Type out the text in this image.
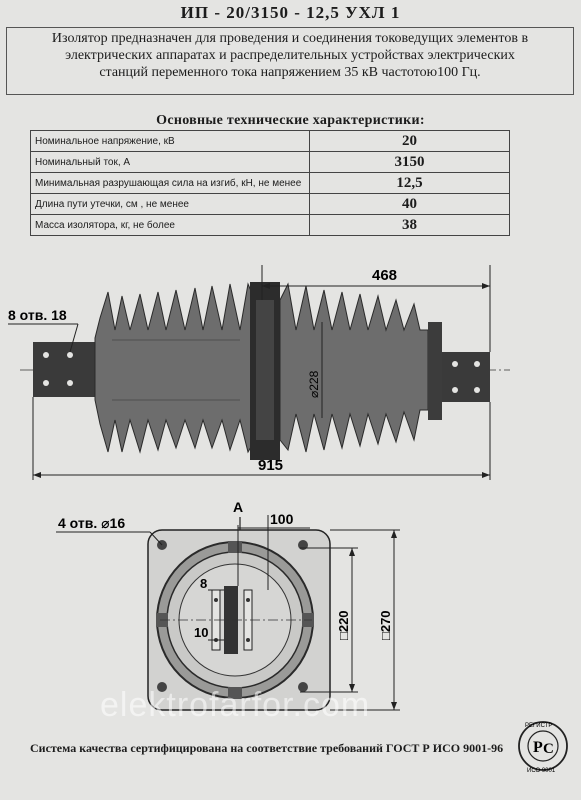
ИП - 20/3150 - 12,5 УХЛ 1
Изолятор предназначен для проведения и соединения токоведущих элементов в
электрических аппаратах и распределительных устройствах электрических
станций переменного тока напряжением 35 кВ частотою100 Гц.
Основные технические характеристики:
Номинальное напряжение, кВ	20
Номинальный ток, А	3150
Минимальная разрушающая сила на изгиб, кН, не менее	12,5
Длина пути утечки, см , не менее	40
Масса изолятора, кг, не более	38
468
915
⌀228
8 отв. 18
А
4 отв. ⌀16	100
8
10	□220 □270
Р С
РЕГИСТР
ИСО 9001
elektrofarfor.com
Система качества сертифицирована на соответствие требований ГОСТ Р ИСО 9001-96
